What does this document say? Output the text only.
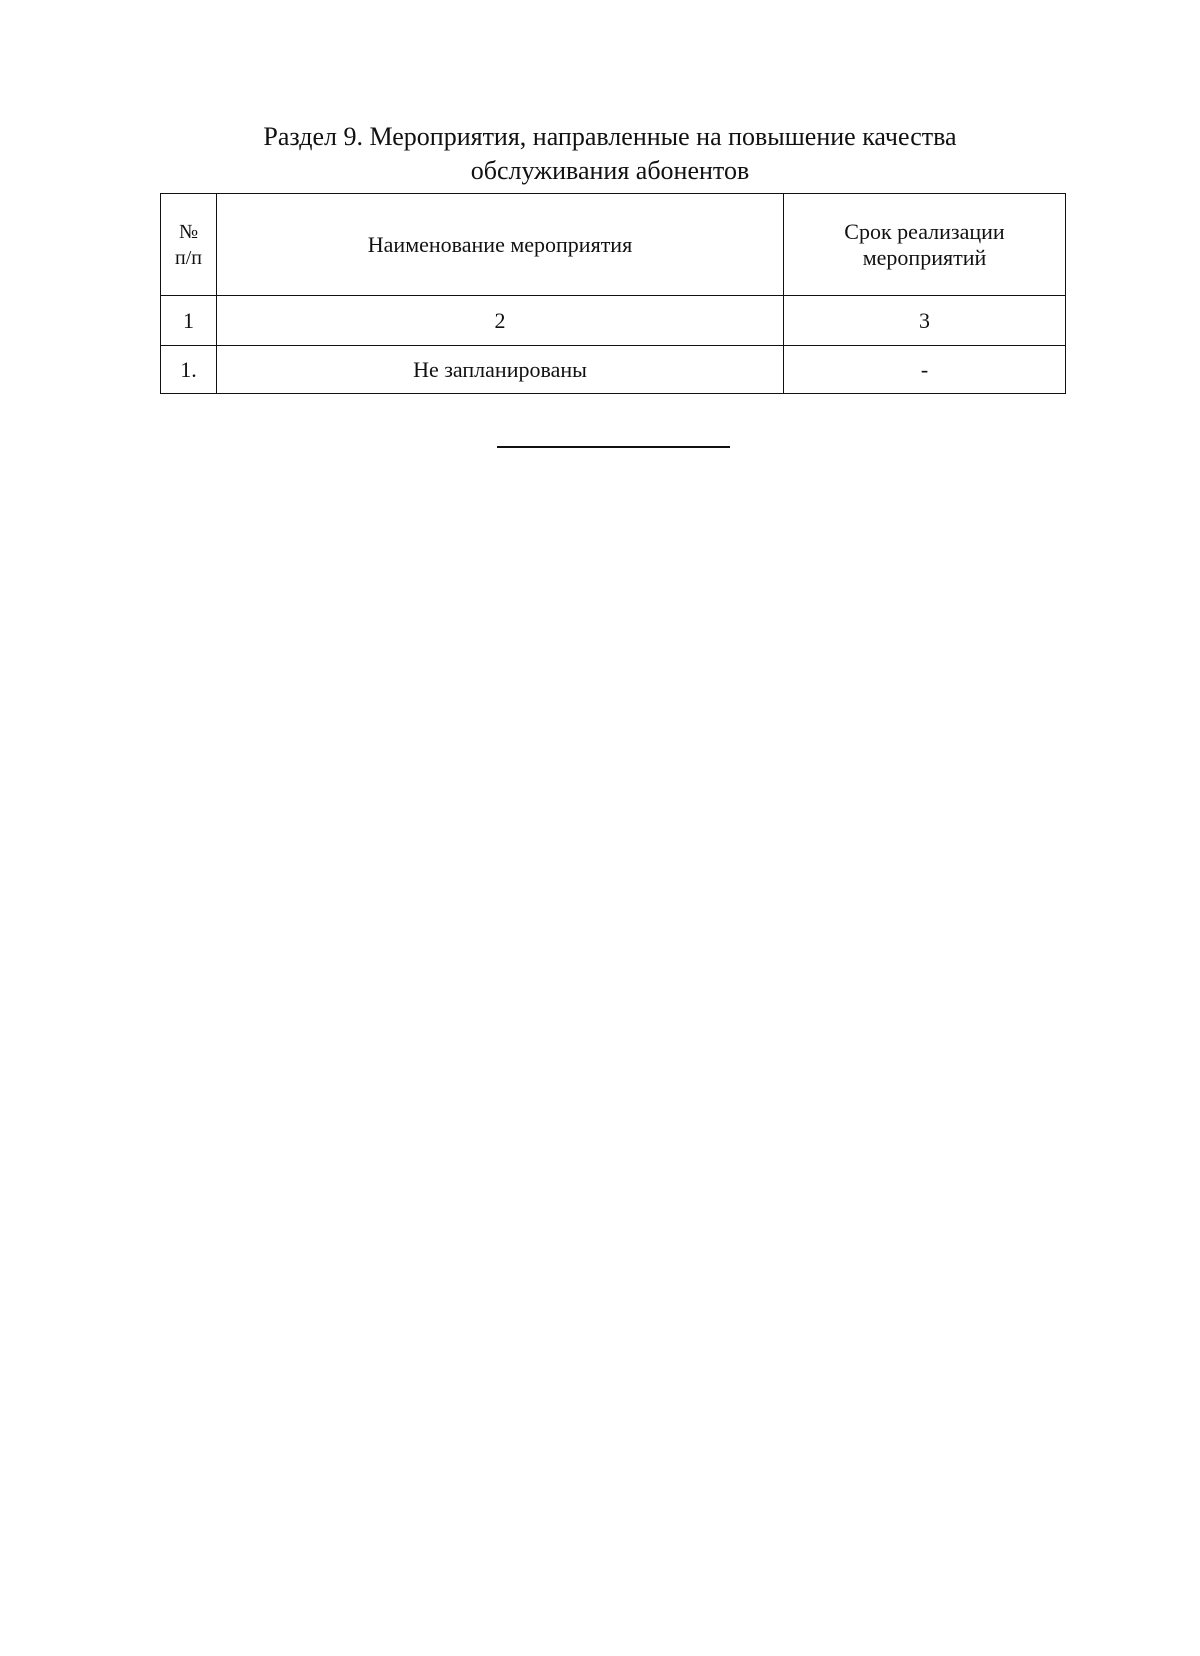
Раздел 9. Мероприятия, направленные на повышение качества
обслуживания абонентов
№
п/п	Наименование мероприятия	Срок реализации
мероприятий

1	2	3
1.	Не запланированы	-
